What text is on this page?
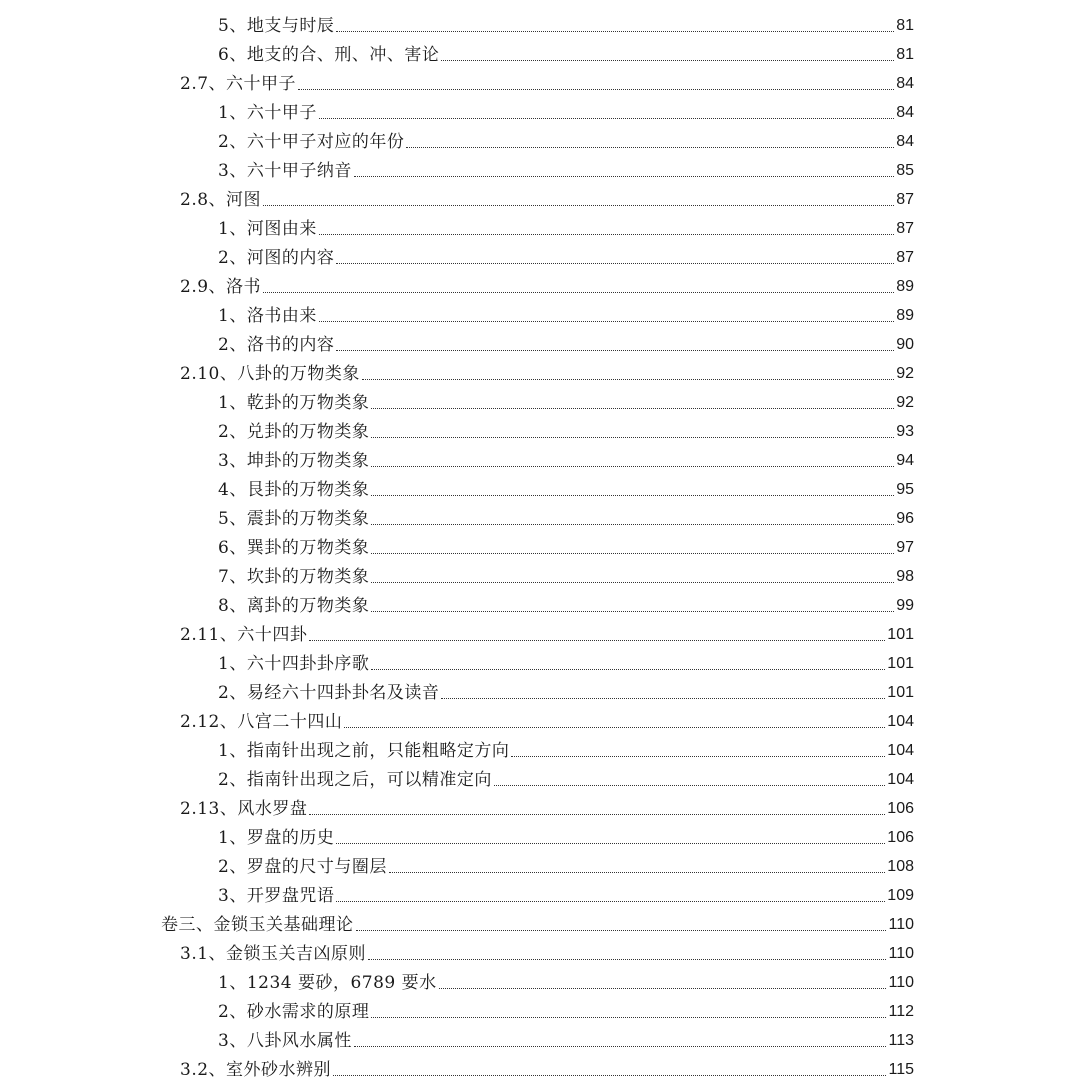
5、地支与时辰	81
6、地支的合、刑、冲、害论	81
2.7、六十甲子	84
1、六十甲子	84
2、六十甲子对应的年份	84
3、六十甲子纳音	85
2.8、河图	87
1、河图由来	87
2、河图的内容	87
2.9、洛书	89
1、洛书由来	89
2、洛书的内容	90
2.10、八卦的万物类象	92
1、乾卦的万物类象	92
2、兑卦的万物类象	93
3、坤卦的万物类象	94
4、艮卦的万物类象	95
5、震卦的万物类象	96
6、巽卦的万物类象	97
7、坎卦的万物类象	98
8、离卦的万物类象	99
2.11、六十四卦	101
1、六十四卦卦序歌	101
2、易经六十四卦卦名及读音	101
2.12、八宫二十四山	104
1、指南针出现之前，只能粗略定方向	104
2、指南针出现之后，可以精准定向	104
2.13、风水罗盘	106
1、罗盘的历史	106
2、罗盘的尺寸与圈层	108
3、开罗盘咒语	109
卷三、金锁玉关基础理论	110
3.1、金锁玉关吉凶原则	110
1、1234 要砂，6789 要水	110
2、砂水需求的原理	112
3、八卦风水属性	113
3.2、室外砂水辨别	115
